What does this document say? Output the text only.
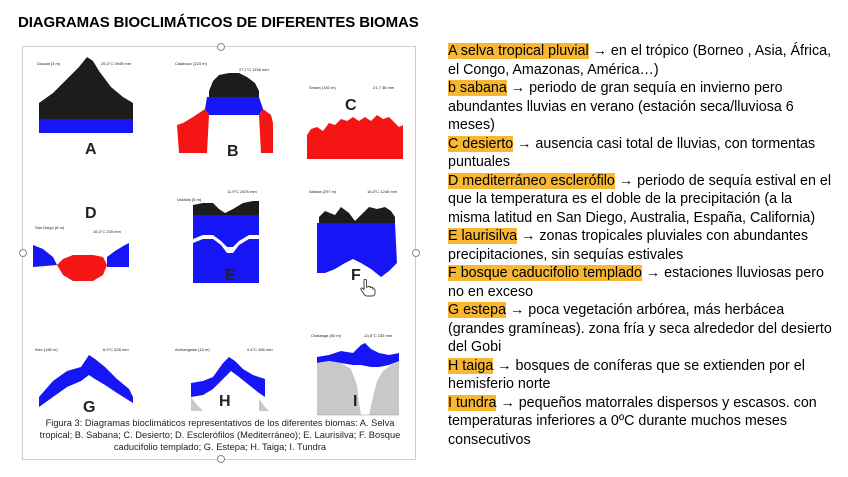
DIAGRAMAS BIOCLIMÁTICOS DE DIFERENTES BIOMAS
Douala (3 m)	26,4°C 3949 mm
A
Calabozo (223 m)
27,1°C 1156 mm
B
Smara (340 m)	21,7 38 mm
C
D
San Diego (8 m)
16,4°C 239 mm
Valdivia (5 m)
11,9°C 2676 mm
E
Atlanta (297 m)	16,8°C 1240 mm
F
Kiev (180 m)	6,9°C 528 mm
G
Archangelsk (13 m)	0,4°C 466 mm
H
Chatanga (50 m)	-13,8°C 233 mm
I
Figura 3: Diagramas bioclimáticos representativos de los diferentes biomas: A. Selva tropical; B. Sabana; C. Desierto; D. Esclerófilos (Mediterráneo); E. Laurisilva; F. Bosque caducifolio templado; G. Estepa; H. Taiga; I. Tundra

A selva tropical pluvial → en el trópico (Borneo , Asia, África, el Congo, Amazonas, América…)

b sabana → periodo de gran sequía en invierno pero abundantes lluvias en verano (estación seca/lluviosa 6 meses)

C desierto → ausencia casi total de lluvias, con tormentas puntuales

D mediterráneo esclerófilo → periodo de sequía estival en el que la temperatura es el doble de la precipitación (a la misma latitud en San Diego, Australia, España, California)

E laurisilva → zonas tropicales pluviales con abundantes precipitaciones, sin sequías estivales

F bosque caducifolio templado → estaciones lluviosas pero no en exceso

G estepa → poca vegetación arbórea, más herbácea (grandes gramíneas). zona fría y seca alrededor del desierto del Gobi

H taiga → bosques de coníferas que se extienden por el hemisferio norte

I tundra → pequeños matorrales dispersos y escasos. con temperaturas inferiores a 0ºC durante muchos meses consecutivos
